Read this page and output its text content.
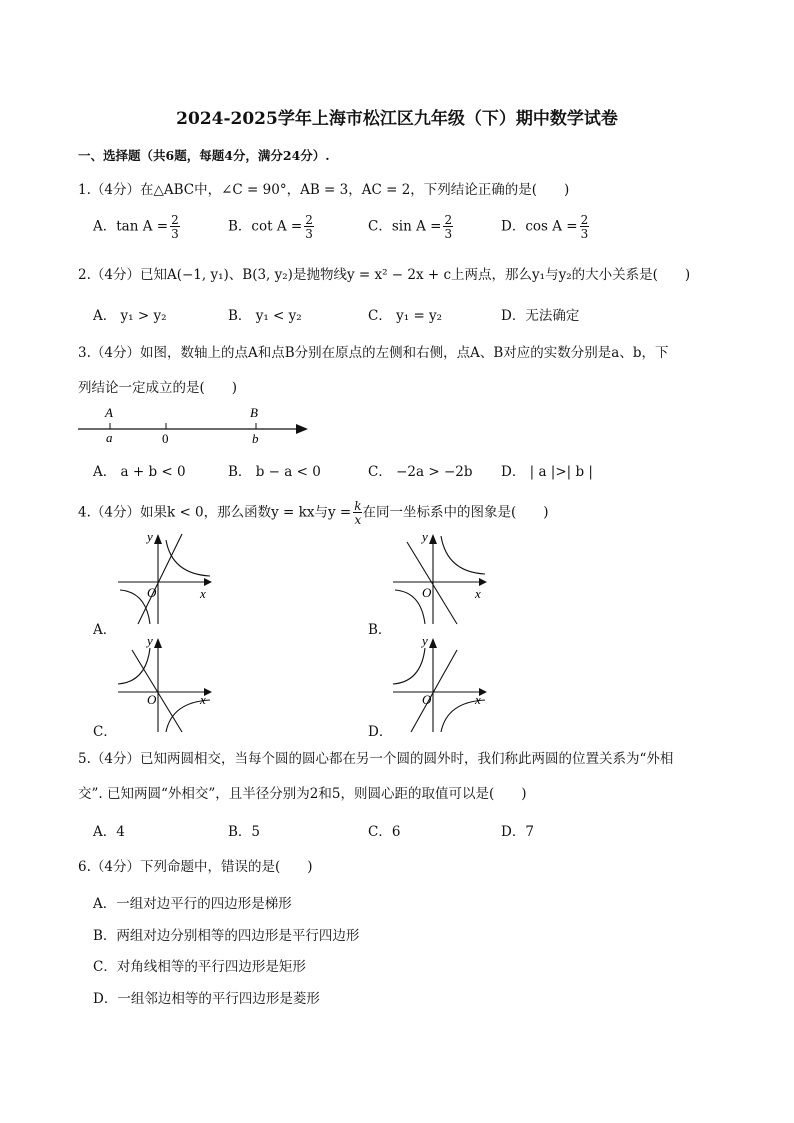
2024-2025学年上海市松江区九年级（下）期中数学试卷
一、选择题（共6题，每题4分，满分24分）.
1.（4分）在△ABC中，∠C = 90°，AB = 3，AC = 2，下列结论正确的是(　　)
A．$\tan A = \frac{2}{3}$	B．$\cot A = \frac{2}{3}$	C．$\sin A = \frac{2}{3}$	D．$\cos A = \frac{2}{3}$
2.（4分）已知A(−1, y₁)、B(3, y₂)是抛物线y = x² − 2x + c上两点，那么y₁与y₂的大小关系是(　　)
A． y₁ > y₂	B． y₁ < y₂	C． y₁ = y₂	D．无法确定
3.（4分）如图，数轴上的点A和点B分别在原点的左侧和右侧，点A、B对应的实数分别是a、b，下
列结论一定成立的是(　　)
A	B
a	0	b
A． a + b < 0	B． b − a < 0	C． −2a > −2b D． | a |>| b |
4.（4分）如果k < 0，那么函数y = kx与$y = \frac{k}{x}$ 在同一坐标系中的图象是(　　)
y
x
O
A．
y
x
O
B．
y
x
O
C．
y
x
O
D．
5.（4分）已知两圆相交，当每个圆的圆心都在另一个圆的圆外时，我们称此两圆的位置关系为“外相
交”. 已知两圆“外相交”，且半径分别为2和5，则圆心距的取值可以是(　　)
A．4	B．5	C．6	D．7
6.（4分）下列命题中，错误的是(　　)
A．一组对边平行的四边形是梯形
B．两组对边分别相等的四边形是平行四边形
C．对角线相等的平行四边形是矩形
D．一组邻边相等的平行四边形是菱形
